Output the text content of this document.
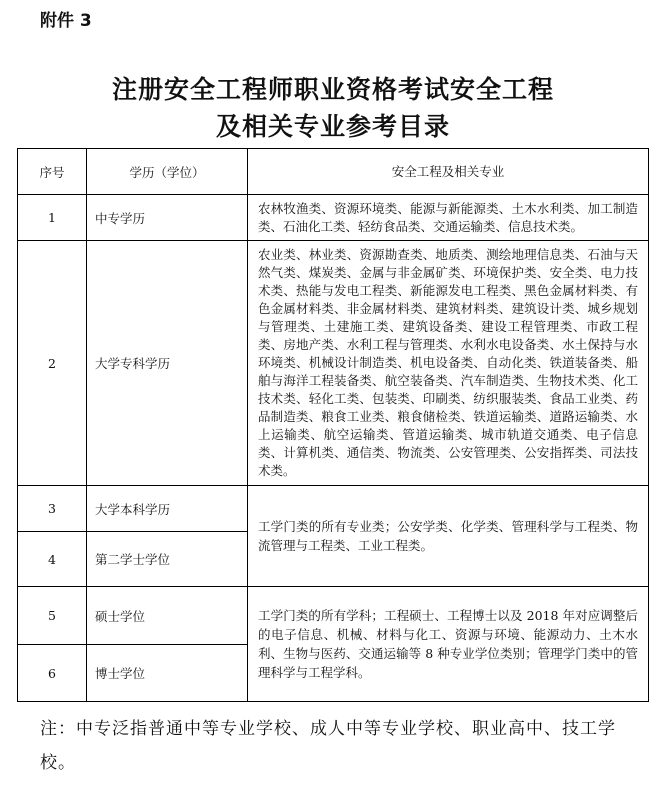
附件 3
注册安全工程师职业资格考试安全工程
及相关专业参考目录
序号	学历（学位）	安全工程及相关专业
1	中专学历	农林牧渔类、资源环境类、能源与新能源类、土木水利类、加工制造类、石油化工类、轻纺食品类、交通运输类、信息技术类。
2	大学专科学历	农业类、林业类、资源勘查类、地质类、测绘地理信息类、石油与天然气类、煤炭类、金属与非金属矿类、环境保护类、安全类、电力技术类、热能与发电工程类、新能源发电工程类、黑色金属材料类、有色金属材料类、非金属材料类、建筑材料类、建筑设计类、城乡规划与管理类、土建施工类、建筑设备类、建设工程管理类、市政工程类、房地产类、水利工程与管理类、水利水电设备类、水土保持与水环境类、机械设计制造类、机电设备类、自动化类、铁道装备类、船舶与海洋工程装备类、航空装备类、汽车制造类、生物技术类、化工技术类、轻化工类、包装类、印刷类、纺织服装类、食品工业类、药品制造类、粮食工业类、粮食储检类、铁道运输类、道路运输类、水上运输类、航空运输类、管道运输类、城市轨道交通类、电子信息类、计算机类、通信类、物流类、公安管理类、公安指挥类、司法技术类。
3	大学本科学历	工学门类的所有专业类；公安学类、化学类、管理科学与工程类、物流管理与工程类、工业工程类。
4	第二学士学位	
5	硕士学位	工学门类的所有学科；工程硕士、工程博士以及 2018 年对应调整后的电子信息、机械、材料与化工、资源与环境、能源动力、土木水利、生物与医药、交通运输等 8 种专业学位类别；管理学门类中的管理科学与工程学科。
6	博士学位	
注：中专泛指普通中等专业学校、成人中等专业学校、职业高中、技工学校。
